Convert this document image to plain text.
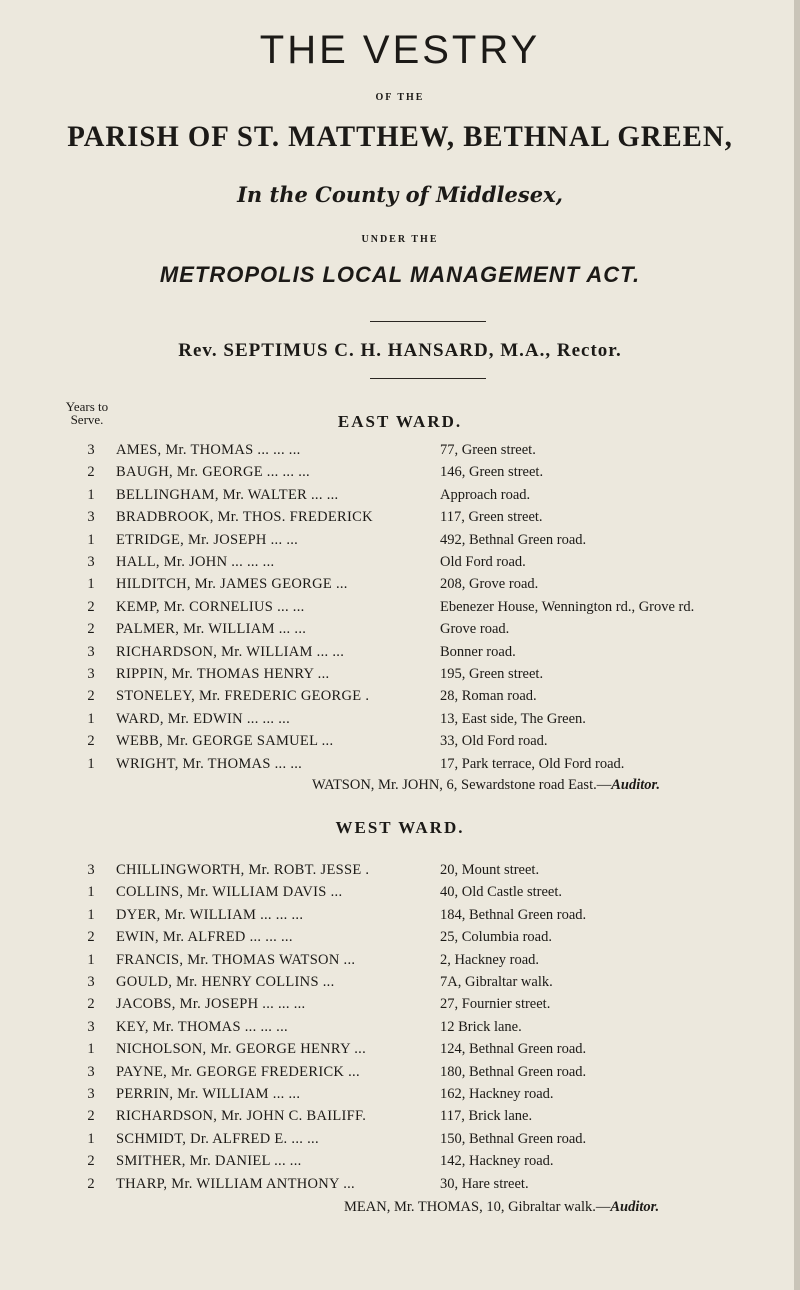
THE VESTRY
OF THE
PARISH OF ST. MATTHEW, BETHNAL GREEN,
In the County of Middlesex,
UNDER THE
METROPOLIS LOCAL MANAGEMENT ACT.
Rev. SEPTIMUS C. H. HANSARD, M.A., Rector.
Years to
Serve.	EAST WARD.
3 AMES, Mr. THOMAS ... ... ...	77, Green street.
2 BAUGH, Mr. GEORGE ... ... ...	146, Green street.
1 BELLINGHAM, Mr. WALTER ... ...	Approach road.
3 BRADBROOK, Mr. THOS. FREDERICK	117, Green street.
1 ETRIDGE, Mr. JOSEPH ... ...	492, Bethnal Green road.
3 HALL, Mr. JOHN ... ... ...	Old Ford road.
1 HILDITCH, Mr. JAMES GEORGE ...	208, Grove road.
2 KEMP, Mr. CORNELIUS ... ...	Ebenezer House, Wennington rd., Grove rd.
2 PALMER, Mr. WILLIAM ... ...	Grove road.
3 RICHARDSON, Mr. WILLIAM ... ...	Bonner road.
3 RIPPIN, Mr. THOMAS HENRY ...	195, Green street.
2 STONELEY, Mr. FREDERIC GEORGE .	28, Roman road.
1 WARD, Mr. EDWIN ... ... ...	13, East side, The Green.
2 WEBB, Mr. GEORGE SAMUEL ...	33, Old Ford road.
1 WRIGHT, Mr. THOMAS ... ...	17, Park terrace, Old Ford road.
WATSON, Mr. JOHN, 6, Sewardstone road East.—Auditor.
WEST WARD.
3 CHILLINGWORTH, Mr. ROBT. JESSE .	20, Mount street.
1 COLLINS, Mr. WILLIAM DAVIS ...	40, Old Castle street.
1 DYER, Mr. WILLIAM ... ... ...	184, Bethnal Green road.
2 EWIN, Mr. ALFRED ... ... ...	25, Columbia road.
1 FRANCIS, Mr. THOMAS WATSON ...	2, Hackney road.
3 GOULD, Mr. HENRY COLLINS ...	7A, Gibraltar walk.
2 JACOBS, Mr. JOSEPH ... ... ...	27, Fournier street.
3 KEY, Mr. THOMAS ... ... ...	12 Brick lane.
1 NICHOLSON, Mr. GEORGE HENRY ...	124, Bethnal Green road.
3 PAYNE, Mr. GEORGE FREDERICK ...	180, Bethnal Green road.
3 PERRIN, Mr. WILLIAM ... ...	162, Hackney road.
2 RICHARDSON, Mr. JOHN C. BAILIFF.	117, Brick lane.
1 SCHMIDT, Dr. ALFRED E. ... ...	150, Bethnal Green road.
2 SMITHER, Mr. DANIEL ... ...	142, Hackney road.
2 THARP, Mr. WILLIAM ANTHONY ...	30, Hare street.
MEAN, Mr. THOMAS, 10, Gibraltar walk.—Auditor.
